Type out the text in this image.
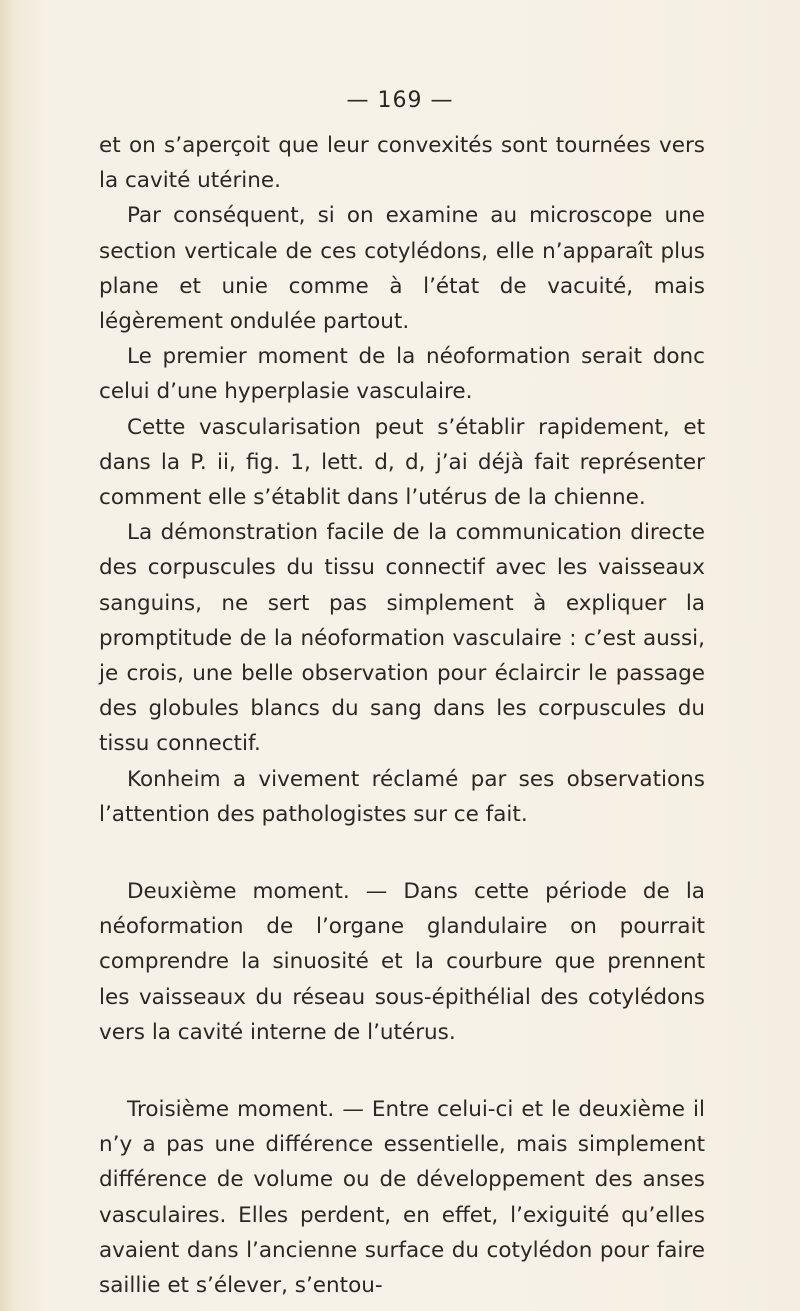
— 169 —

et on s’aperçoit que leur convexités sont tournées vers la cavité utérine.

Par conséquent, si on examine au microscope une section verticale de ces cotylédons, elle n’apparaît plus plane et unie comme à l’état de vacuité, mais légèrement ondulée partout.

Le premier moment de la néoformation serait donc celui d’une hyperplasie vasculaire.

Cette vascularisation peut s’établir rapidement, et dans la P. ii, fig. 1, lett. d, d, j’ai déjà fait représenter comment elle s’établit dans l’utérus de la chienne.

La démonstration facile de la communication directe des corpuscules du tissu connectif avec les vaisseaux sanguins, ne sert pas simplement à expliquer la promptitude de la néoformation vasculaire : c’est aussi, je crois, une belle observation pour éclaircir le passage des globules blancs du sang dans les corpuscules du tissu connectif.

Konheim a vivement réclamé par ses observations l’attention des pathologistes sur ce fait.

Deuxième moment. — Dans cette période de la néoformation de l’organe glandulaire on pourrait comprendre la sinuosité et la courbure que prennent les vaisseaux du réseau sous-épithélial des cotylédons vers la cavité interne de l’utérus.

Troisième moment. — Entre celui-ci et le deuxième il n’y a pas une différence essentielle, mais simplement différence de volume ou de développement des anses vasculaires. Elles perdent, en effet, l’exiguité qu’elles avaient dans l’ancienne surface du cotylédon pour faire saillie et s’élever, s’entou-
